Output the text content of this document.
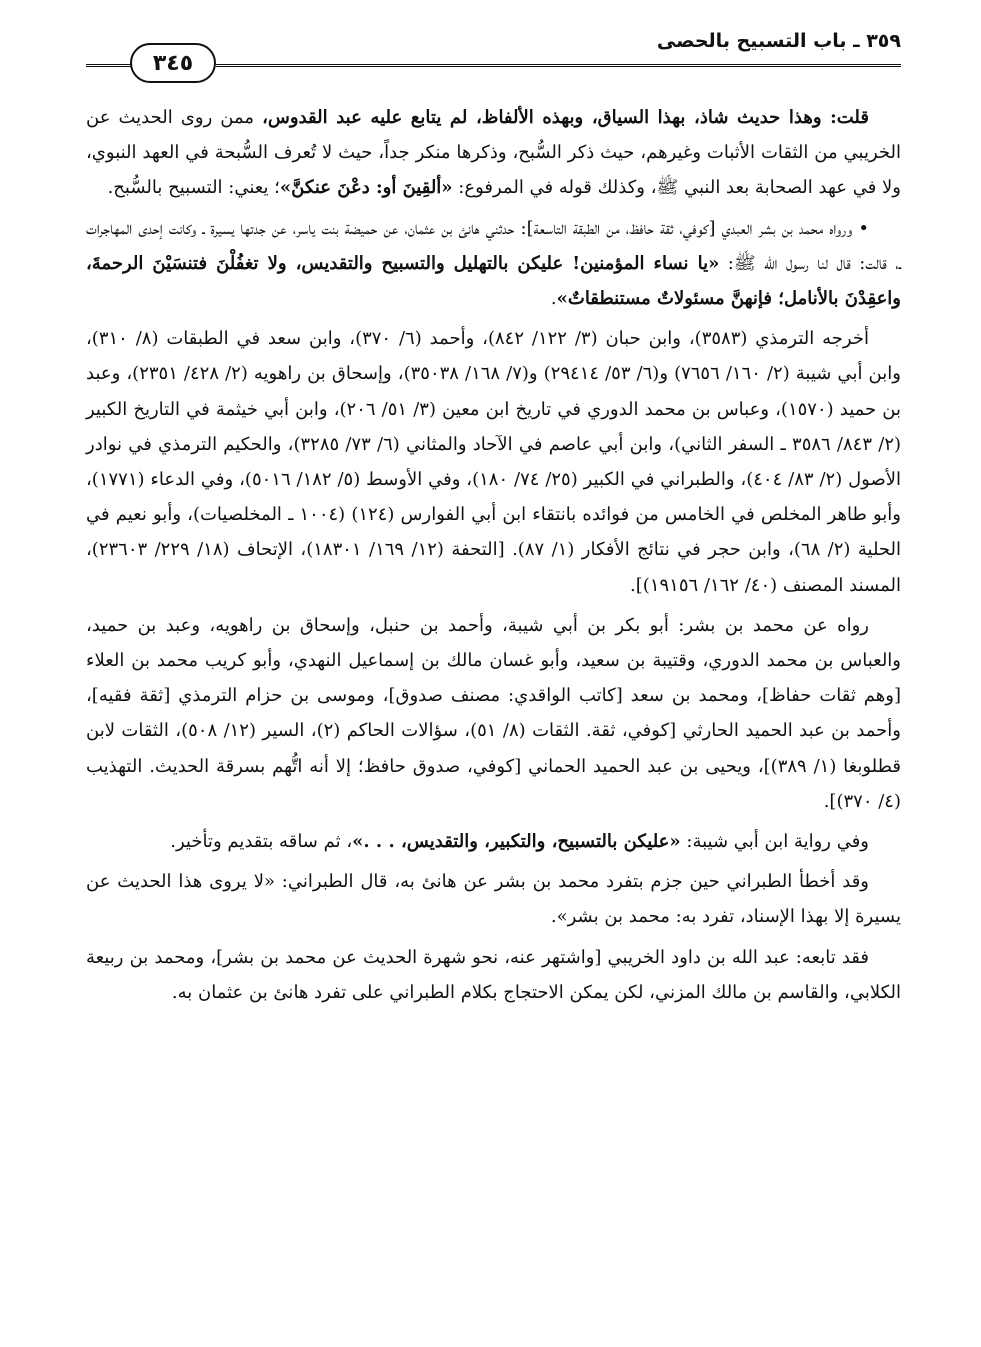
٣٥٩ ـ باب التسبيح بالحصى
٣٤٥

قلت: وهذا حديث شاذ، بهذا السياق، وبهذه الألفاظ، لم يتابع عليه عبد القدوس، ممن روى الحديث عن الخريبي من الثقات الأثبات وغيرهم، حيث ذكر السُّبح، وذكرها منكر جداً، حيث لا تُعرف السُّبحة في العهد النبوي، ولا في عهد الصحابة بعد النبي ﷺ، وكذلك قوله في المرفوع: «ألقِينَ أو: دعْنَ عنكنَّ»؛ يعني: التسبيح بالسُّبح.

• ورواه محمد بن بشر العبدي [كوفي، ثقة حافظ، من الطبقة التاسعة]: حدثني هانئ بن عثمان، عن حميضة بنت ياسر، عن جدتها يسيرة ـ وكانت إحدى المهاجرات ـ، قالت: قال لنا رسول الله ﷺ: «يا نساء المؤمنين! عليكن بالتهليل والتسبيح والتقديس، ولا تغفُلْنَ فتنسَيْنَ الرحمةَ، واعقِدْنَ بالأنامل؛ فإنهنَّ مسئولاتٌ مستنطقاتٌ».

أخرجه الترمذي (٣٥٨٣)، وابن حبان (٣/ ١٢٢/ ٨٤٢)، وأحمد (٦/ ٣٧٠)، وابن سعد في الطبقات (٨/ ٣١٠)، وابن أبي شيبة (٢/ ١٦٠/ ٧٦٥٦) و(٦/ ٥٣/ ٢٩٤١٤) و(٧/ ١٦٨/ ٣٥٠٣٨)، وإسحاق بن راهويه (٢/ ٤٢٨/ ٢٣٥١)، وعبد بن حميد (١٥٧٠)، وعباس بن محمد الدوري في تاريخ ابن معين (٣/ ٥١/ ٢٠٦)، وابن أبي خيثمة في التاريخ الكبير (٢/ ٨٤٣/ ٣٥٨٦ ـ السفر الثاني)، وابن أبي عاصم في الآحاد والمثاني (٦/ ٧٣/ ٣٢٨٥)، والحكيم الترمذي في نوادر الأصول (٢/ ٨٣/ ٤٠٤)، والطبراني في الكبير (٢٥/ ٧٤/ ١٨٠)، وفي الأوسط (٥/ ١٨٢/ ٥٠١٦)، وفي الدعاء (١٧٧١)، وأبو طاهر المخلص في الخامس من فوائده بانتقاء ابن أبي الفوارس (١٢٤) (١٠٠٤ ـ المخلصيات)، وأبو نعيم في الحلية (٢/ ٦٨)، وابن حجر في نتائج الأفكار (١/ ٨٧). [التحفة (١٢/ ١٦٩/ ١٨٣٠١)، الإتحاف (١٨/ ٢٢٩/ ٢٣٦٠٣)، المسند المصنف (٤٠/ ١٦٢/ ١٩١٥٦)].

رواه عن محمد بن بشر: أبو بكر بن أبي شيبة، وأحمد بن حنبل، وإسحاق بن راهويه، وعبد بن حميد، والعباس بن محمد الدوري، وقتيبة بن سعيد، وأبو غسان مالك بن إسماعيل النهدي، وأبو كريب محمد بن العلاء [وهم ثقات حفاظ]، ومحمد بن سعد [كاتب الواقدي: مصنف صدوق]، وموسى بن حزام الترمذي [ثقة فقيه]، وأحمد بن عبد الحميد الحارثي [كوفي، ثقة. الثقات (٨/ ٥١)، سؤالات الحاكم (٢)، السير (١٢/ ٥٠٨)، الثقات لابن قطلوبغا (١/ ٣٨٩)]، ويحيى بن عبد الحميد الحماني [كوفي، صدوق حافظ؛ إلا أنه اتُّهم بسرقة الحديث. التهذيب (٤/ ٣٧٠)].

وفي رواية ابن أبي شيبة: «عليكن بالتسبيح، والتكبير، والتقديس، . . .»، ثم ساقه بتقديم وتأخير.

وقد أخطأ الطبراني حين جزم بتفرد محمد بن بشر عن هانئ به، قال الطبراني: «لا يروى هذا الحديث عن يسيرة إلا بهذا الإسناد، تفرد به: محمد بن بشر».

فقد تابعه: عبد الله بن داود الخريبي [واشتهر عنه، نحو شهرة الحديث عن محمد بن بشر]، ومحمد بن ربيعة الكلابي، والقاسم بن مالك المزني، لكن يمكن الاحتجاج بكلام الطبراني على تفرد هانئ بن عثمان به.
